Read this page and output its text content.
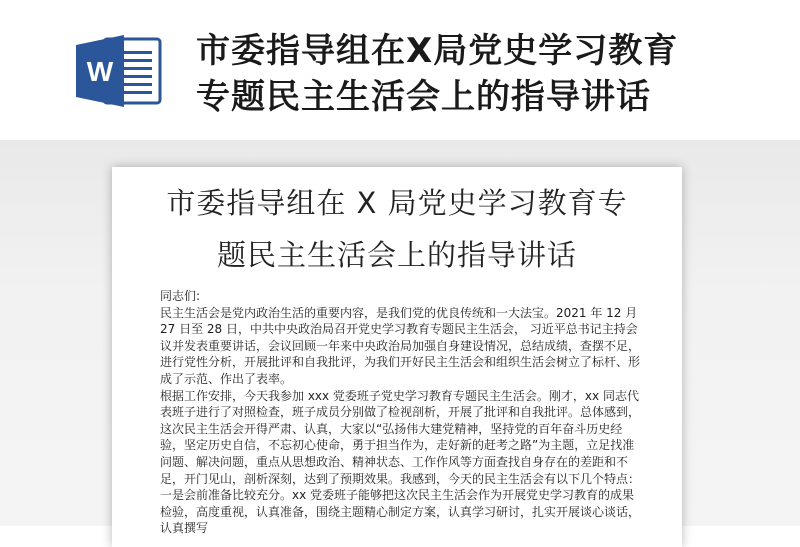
W
市委指导组在X局党史学习教育
专题民主生活会上的指导讲话
市委指导组在 X 局党史学习教育专
题民主生活会上的指导讲话

同志们:

民主生活会是党内政治生活的重要内容，是我们党的优良传统和一大法宝。2021 年 12 月 27 日至 28 日，中共中央政治局召开党史学习教育专题民主生活会， 习近平总书记主持会议并发表重要讲话，会议回顾一年来中央政治局加强自身建设情况，总结成绩，查摆不足，进行党性分析，开展批评和自我批评，为我们开好民主生活会和组织生活会树立了标杆、形成了示范、作出了表率。

根据工作安排，今天我参加 xxx 党委班子党史学习教育专题民主生活会。刚才，xx 同志代表班子进行了对照检查，班子成员分别做了检视剖析，开展了批评和自我批评。总体感到，这次民主生活会开得严肃、认真，大家以“弘扬伟大建党精神，坚持党的百年奋斗历史经验，坚定历史自信，不忘初心使命，勇于担当作为，走好新的赶考之路”为主题，立足找准问题、解决问题，重点从思想政治、精神状态、工作作风等方面查找自身存在的差距和不足，开门见山，剖析深刻，达到了预期效果。我感到，今天的民主生活会有以下几个特点：一是会前准备比较充分。xx 党委班子能够把这次民主生活会作为开展党史学习教育的成果检验，高度重视，认真准备，围绕主题精心制定方案，认真学习研讨，扎实开展谈心谈话，认真撰写
